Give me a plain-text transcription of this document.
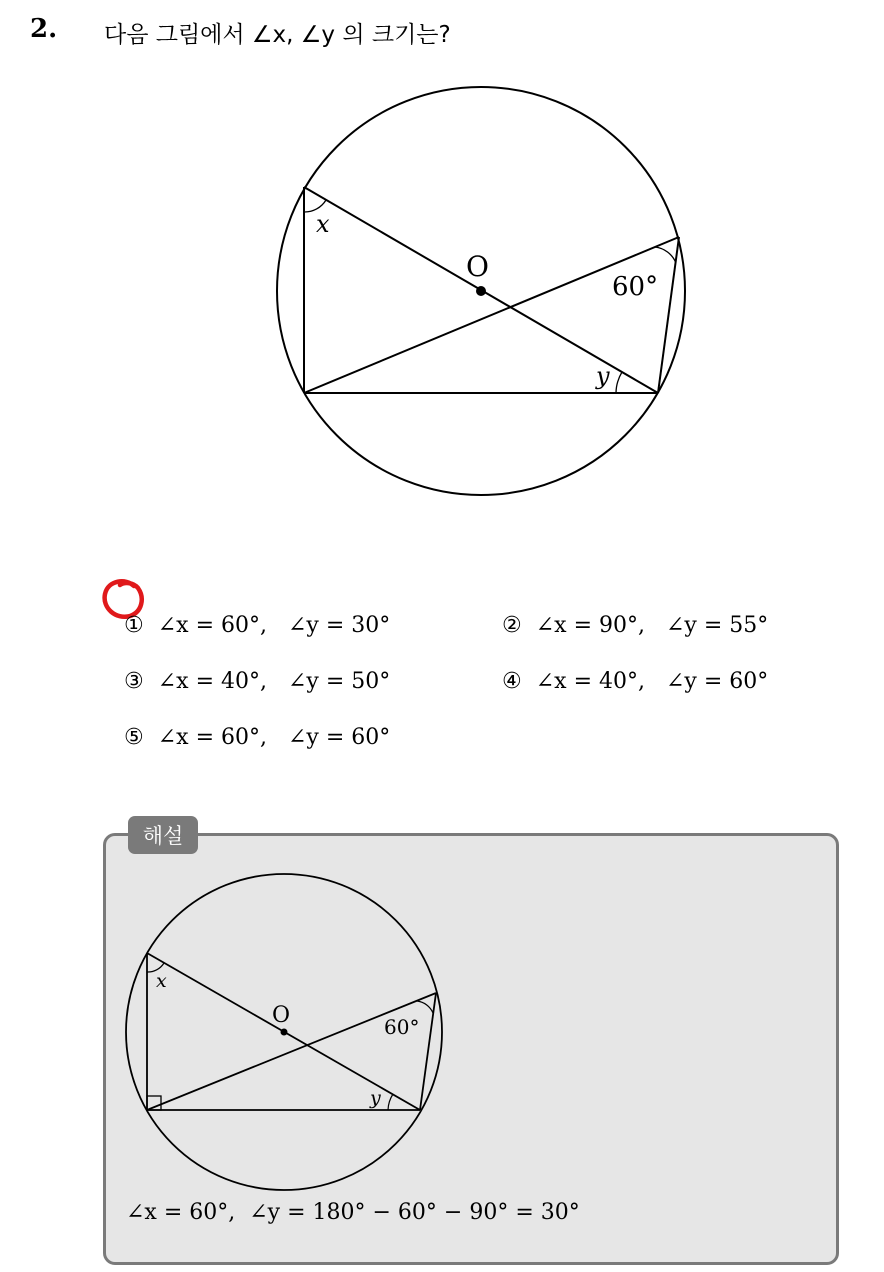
2. 다음 그림에서 ∠x, ∠y 의 크기는?
x
O
60°
y

① ∠x = 60°,   ∠y = 30°	② ∠x = 90°,   ∠y = 55°

③ ∠x = 40°,   ∠y = 50°	④ ∠x = 40°,   ∠y = 60°

⑤ ∠x = 60°,   ∠y = 60°

해설
x
O	60°
y
∠x = 60°,  ∠y = 180° − 60° − 90° = 30°
